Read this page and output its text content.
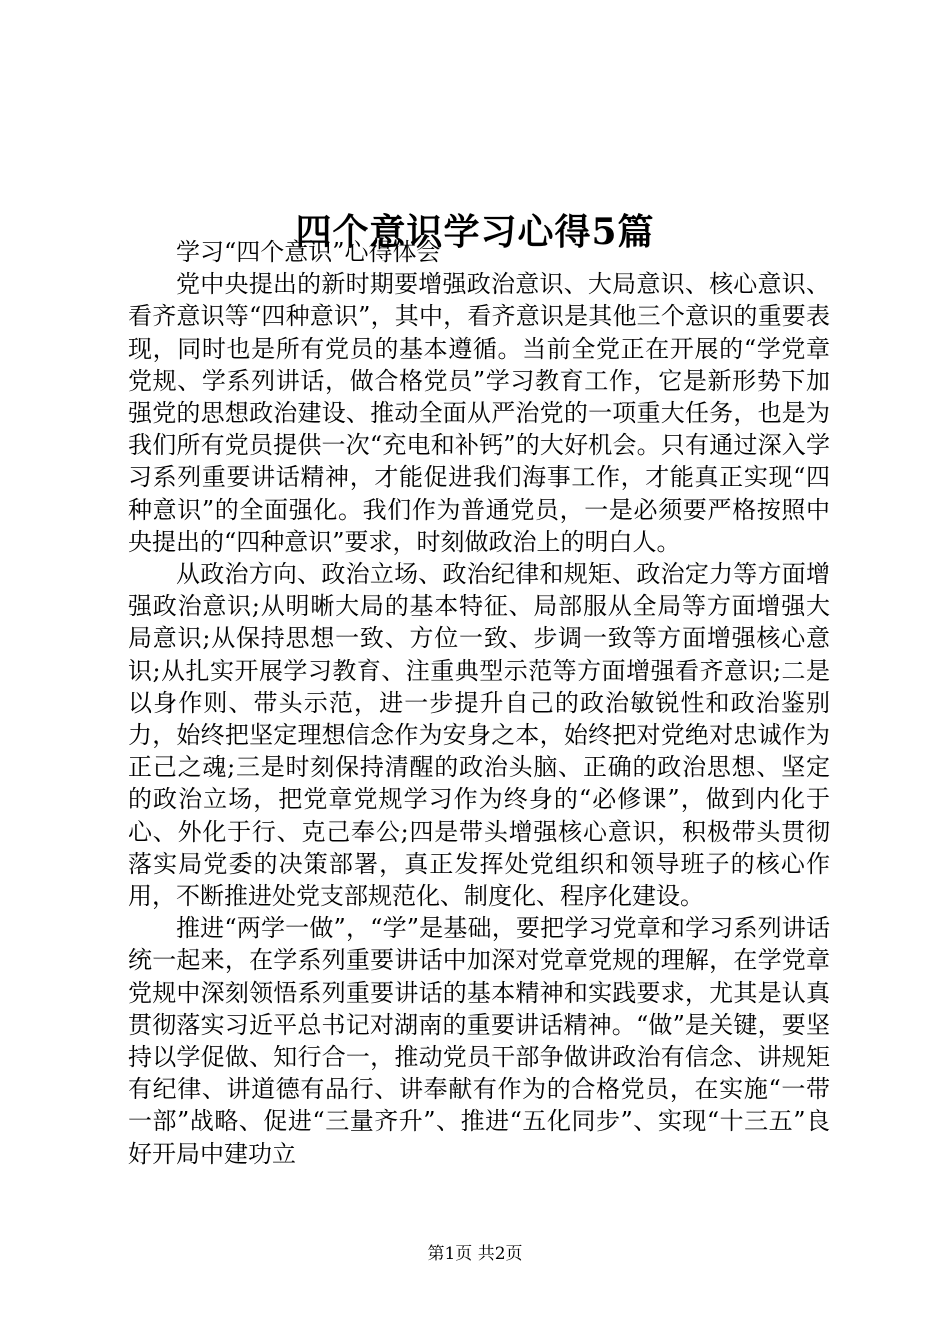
四个意识学习心得5篇

学习“四个意识”心得体会

党中央提出的新时期要增强政治意识、大局意识、核心意识、看齐意识等“四种意识”，其中，看齐意识是其他三个意识的重要表现，同时也是所有党员的基本遵循。当前全党正在开展的“学党章党规、学系列讲话，做合格党员”学习教育工作，它是新形势下加强党的思想政治建设、推动全面从严治党的一项重大任务，也是为我们所有党员提供一次“充电和补钙”的大好机会。只有通过深入学习系列重要讲话精神，才能促进我们海事工作，才能真正实现“四种意识”的全面强化。我们作为普通党员，一是必须要严格按照中央提出的“四种意识”要求，时刻做政治上的明白人。

从政治方向、政治立场、政治纪律和规矩、政治定力等方面增强政治意识;从明晰大局的基本特征、局部服从全局等方面增强大局意识;从保持思想一致、方位一致、步调一致等方面增强核心意识;从扎实开展学习教育、注重典型示范等方面增强看齐意识;二是以身作则、带头示范，进一步提升自己的政治敏锐性和政治鉴别力，始终把坚定理想信念作为安身之本，始终把对党绝对忠诚作为正己之魂;三是时刻保持清醒的政治头脑、正确的政治思想、坚定的政治立场，把党章党规学习作为终身的“必修课”，做到内化于心、外化于行、克己奉公;四是带头增强核心意识，积极带头贯彻落实局党委的决策部署，真正发挥处党组织和领导班子的核心作用，不断推进处党支部规范化、制度化、程序化建设。

推进“两学一做”，“学”是基础，要把学习党章和学习系列讲话统一起来，在学系列重要讲话中加深对党章党规的理解，在学党章党规中深刻领悟系列重要讲话的基本精神和实践要求，尤其是认真贯彻落实习近平总书记对湖南的重要讲话精神。“做”是关键，要坚持以学促做、知行合一，推动党员干部争做讲政治有信念、讲规矩有纪律、讲道德有品行、讲奉献有作为的合格党员，在实施“一带一部”战略、促进“三量齐升”、推进“五化同步”、实现“十三五”良好开局中建功立

第1页 共2页
